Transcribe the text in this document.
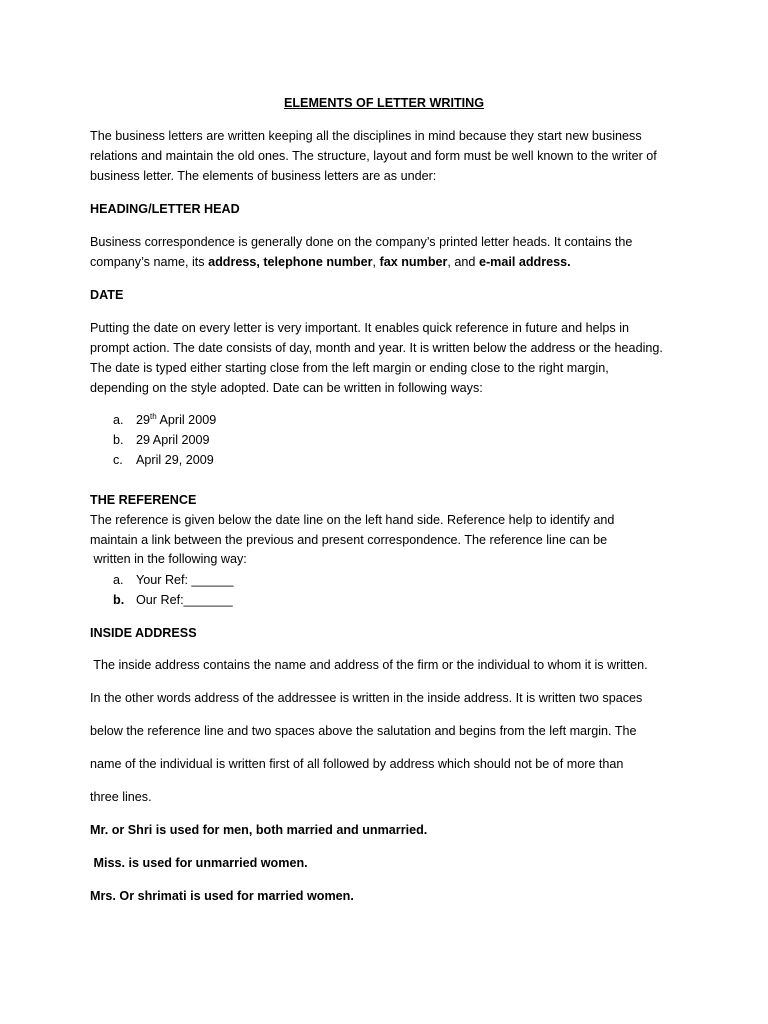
ELEMENTS OF LETTER WRITING

The business letters are written keeping all the disciplines in mind because they start new business

relations and maintain the old ones. The structure, layout and form must be well known to the writer of

business letter. The elements of business letters are as under:

HEADING/LETTER HEAD

Business correspondence is generally done on the company’s printed letter heads. It contains the

company’s name, its address, telephone number, fax number, and e-mail address.

DATE

Putting the date on every letter is very important. It enables quick reference in future and helps in

prompt action. The date consists of day, month and year. It is written below the address or the heading.

The date is typed either starting close from the left margin or ending close to the right margin,

depending on the style adopted. Date can be written in following ways:

a. 29th April 2009
b. 29 April 2009
c. April 29, 2009

THE REFERENCE

The reference is given below the date line on the left hand side. Reference help to identify and

maintain a link between the previous and present correspondence. The reference line can be

written in the following way:

a. Your Ref: ______
b. Our Ref:_______

INSIDE ADDRESS

The inside address contains the name and address of the firm or the individual to whom it is written.

In the other words address of the addressee is written in the inside address. It is written two spaces

below the reference line and two spaces above the salutation and begins from the left margin. The

name of the individual is written first of all followed by address which should not be of more than

three lines.

Mr. or Shri is used for men, both married and unmarried.

Miss. is used for unmarried women.

Mrs. Or shrimati is used for married women.
